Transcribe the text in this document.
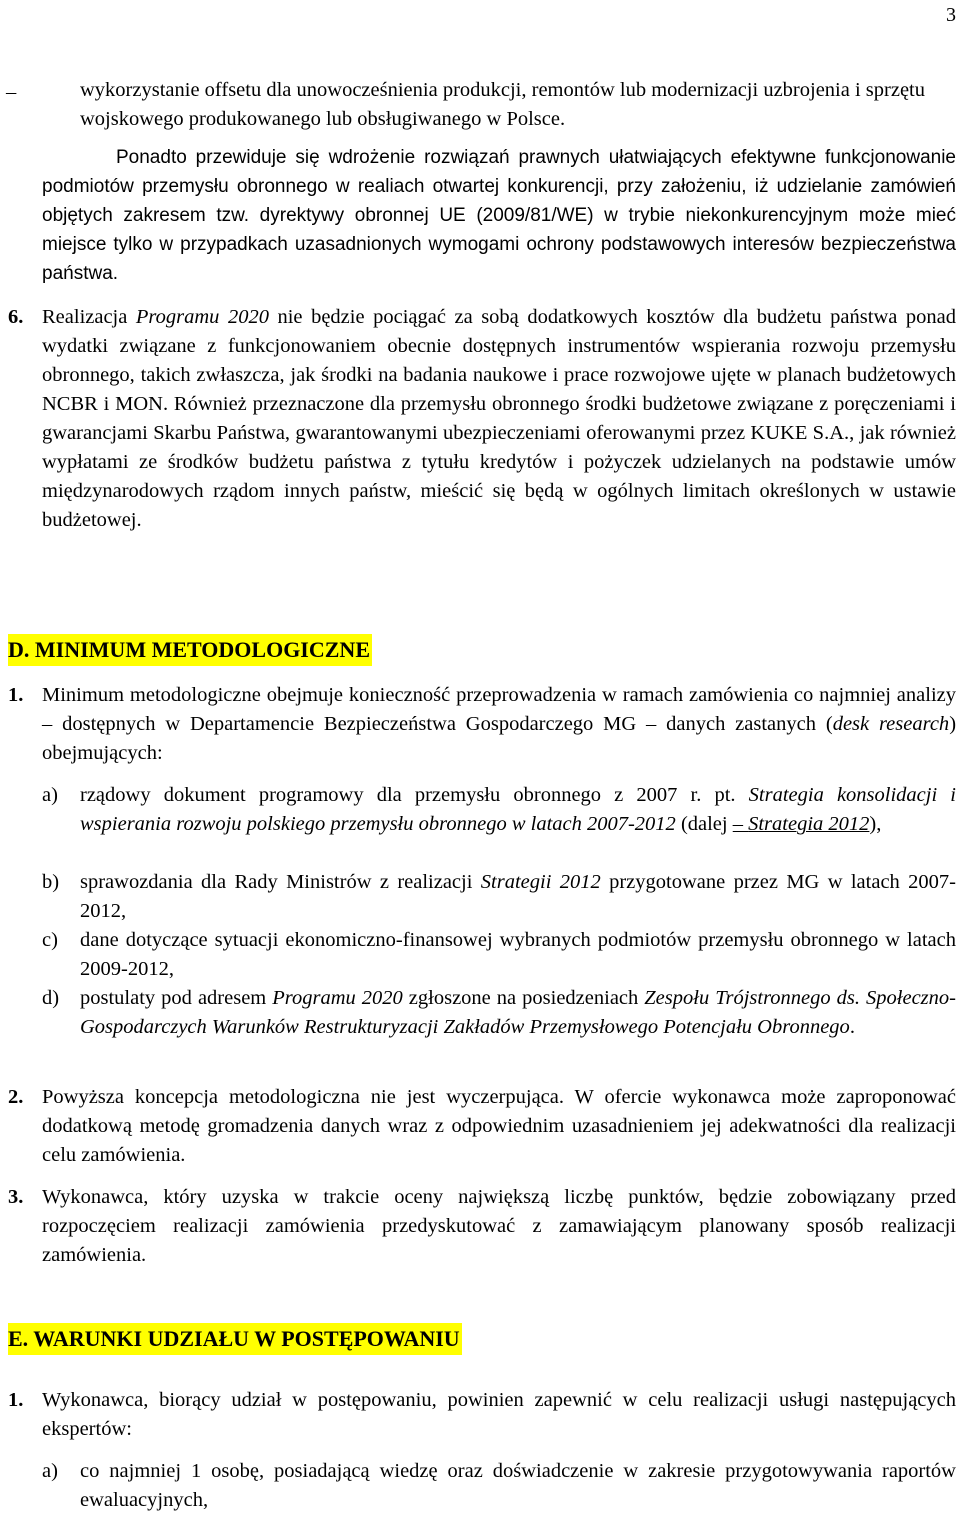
3
–	wykorzystanie offsetu dla unowocześnienia produkcji, remontów lub modernizacji uzbrojenia i sprzętu wojskowego produkowanego lub obsługiwanego w Polsce.
Ponadto przewiduje się wdrożenie rozwiązań prawnych ułatwiających efektywne funkcjonowanie podmiotów przemysłu obronnego w realiach otwartej konkurencji, przy założeniu, iż udzielanie zamówień objętych zakresem tzw. dyrektywy obronnej UE (2009/81/WE) w trybie niekonkurencyjnym może mieć miejsce tylko w przypadkach uzasadnionych wymogami ochrony podstawowych interesów bezpieczeństwa państwa.
6. Realizacja Programu 2020 nie będzie pociągać za sobą dodatkowych kosztów dla budżetu państwa ponad wydatki związane z funkcjonowaniem obecnie dostępnych instrumentów wspierania rozwoju przemysłu obronnego, takich zwłaszcza, jak środki na badania naukowe i prace rozwojowe ujęte w planach budżetowych NCBR i MON. Również przeznaczone dla przemysłu obronnego środki budżetowe związane z poręczeniami i gwarancjami Skarbu Państwa, gwarantowanymi ubezpieczeniami oferowanymi przez KUKE S.A., jak również wypłatami ze środków budżetu państwa z tytułu kredytów i pożyczek udzielanych na podstawie umów międzynarodowych rządom innych państw, mieścić się będą w ogólnych limitach określonych w ustawie budżetowej.
D. MINIMUM METODOLOGICZNE
1. Minimum metodologiczne obejmuje konieczność przeprowadzenia w ramach zamówienia co najmniej analizy – dostępnych w Departamencie Bezpieczeństwa Gospodarczego MG – danych zastanych (desk research) obejmujących:
a) rządowy dokument programowy dla przemysłu obronnego z 2007 r. pt. Strategia konsolidacji i wspierania rozwoju polskiego przemysłu obronnego w latach 2007-2012 (dalej – Strategia 2012),
b) sprawozdania dla Rady Ministrów z realizacji Strategii 2012 przygotowane przez MG w latach 2007-2012,
c) dane dotyczące sytuacji ekonomiczno-finansowej wybranych podmiotów przemysłu obronnego w latach 2009-2012,
d) postulaty pod adresem Programu 2020 zgłoszone na posiedzeniach Zespołu Trójstronnego ds. Społeczno-Gospodarczych Warunków Restrukturyzacji Zakładów Przemysłowego Potencjału Obronnego.
2. Powyższa koncepcja metodologiczna nie jest wyczerpująca. W ofercie wykonawca może zaproponować dodatkową metodę gromadzenia danych wraz z odpowiednim uzasadnieniem jej adekwatności dla realizacji celu zamówienia.
3. Wykonawca, który uzyska w trakcie oceny największą liczbę punktów, będzie zobowiązany przed rozpoczęciem realizacji zamówienia przedyskutować z zamawiającym planowany sposób realizacji zamówienia.
E. WARUNKI UDZIAŁU W POSTĘPOWANIU
1. Wykonawca, biorący udział w postępowaniu, powinien zapewnić w celu realizacji usługi następujących ekspertów:
a) co najmniej 1 osobę, posiadającą wiedzę oraz doświadczenie w zakresie przygotowywania raportów ewaluacyjnych,
